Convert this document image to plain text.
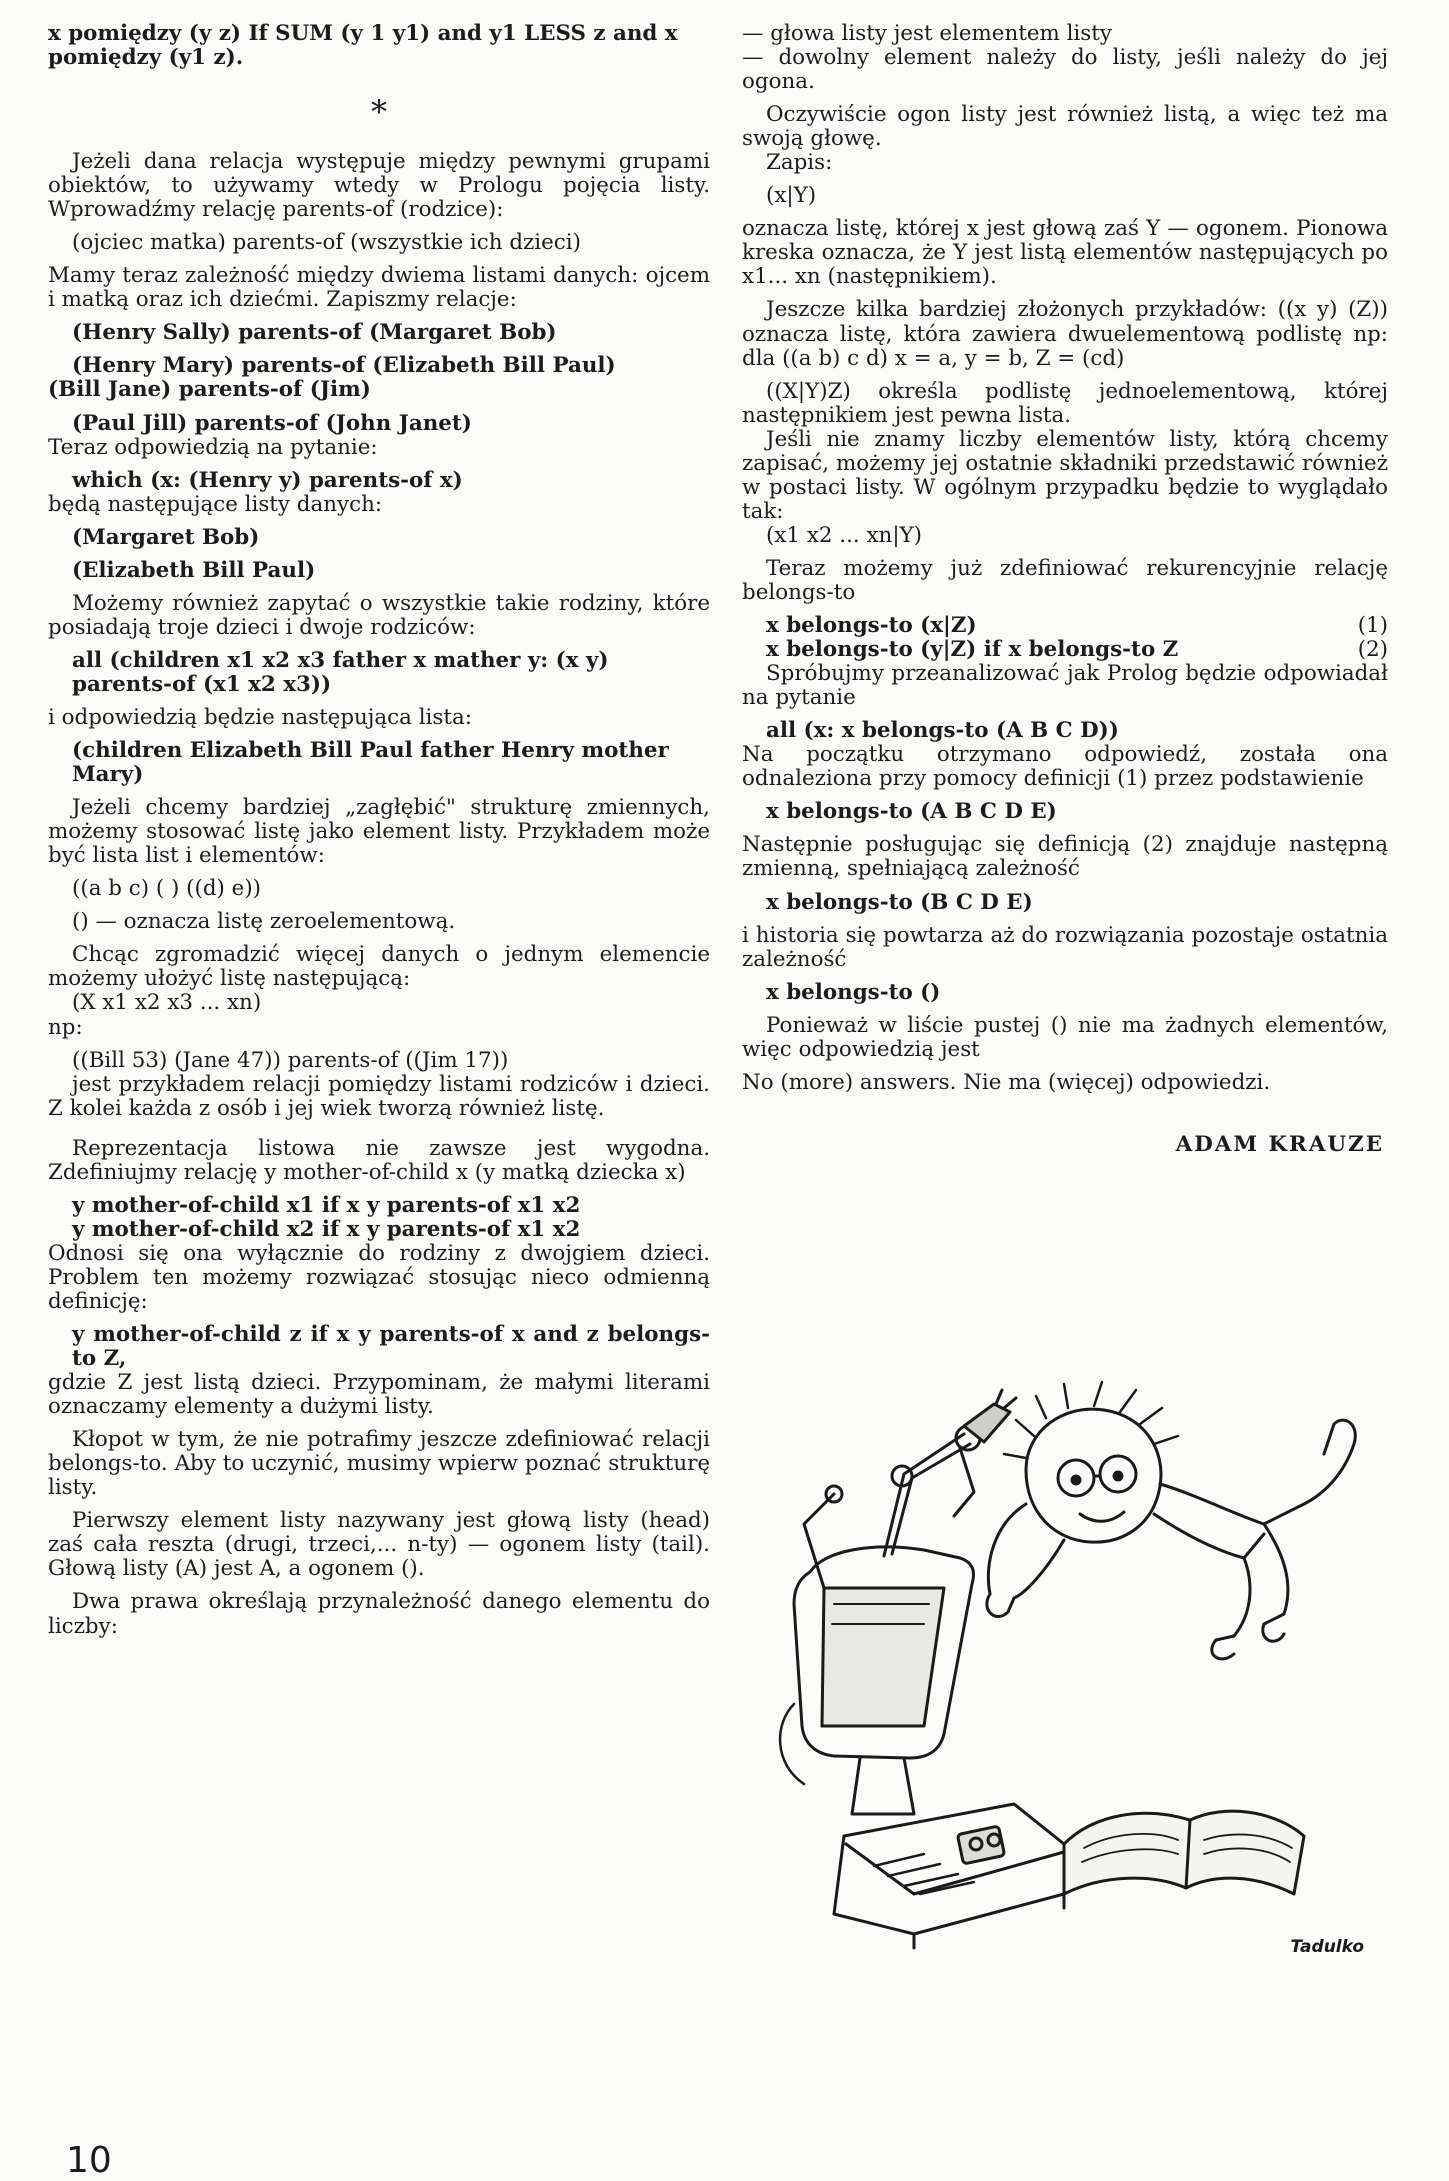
x pomiędzy (y z) If SUM (y 1 y1) and y1 LESS z and x pomiędzy (y1 z).

*

Jeżeli dana relacja występuje między pewnymi grupami obiektów, to używamy wtedy w Prologu pojęcia listy. Wprowadźmy relację parents-of (rodzice):

(ojciec matka) parents-of (wszystkie ich dzieci)

Mamy teraz zależność między dwiema listami danych: ojcem i matką oraz ich dziećmi. Zapiszmy relacje:

(Henry Sally) parents-of (Margaret Bob)

(Henry Mary) parents-of (Elizabeth Bill Paul)

(Bill Jane) parents-of (Jim)

(Paul Jill) parents-of (John Janet)

Teraz odpowiedzią na pytanie:

which (x: (Henry y) parents-of x)

będą następujące listy danych:

(Margaret Bob)

(Elizabeth Bill Paul)

Możemy również zapytać o wszystkie takie rodziny, które posiadają troje dzieci i dwoje rodziców:

all (children x1 x2 x3 father x mather y: (x y) parents-of (x1 x2 x3))

i odpowiedzią będzie następująca lista:

(children Elizabeth Bill Paul father Henry mother Mary)

Jeżeli chcemy bardziej „zagłębić" strukturę zmiennych, możemy stosować listę jako element listy. Przykładem może być lista list i elementów:

((a b c) ( ) ((d) e))

() — oznacza listę zeroelementową.

Chcąc zgromadzić więcej danych o jednym elemencie możemy ułożyć listę następującą:

(X x1 x2 x3 ... xn)

np:

((Bill 53) (Jane 47)) parents-of ((Jim 17))

jest przykładem relacji pomiędzy listami rodziców i dzieci. Z kolei każda z osób i jej wiek tworzą również listę.

Reprezentacja listowa nie zawsze jest wygodna. Zdefiniujmy relację y mother-of-child x (y matką dziecka x)

y mother-of-child x1 if x y parents-of x1 x2

y mother-of-child x2 if x y parents-of x1 x2

Odnosi się ona wyłącznie do rodziny z dwojgiem dzieci. Problem ten możemy rozwiązać stosując nieco odmienną definicję:

y mother-of-child z if x y parents-of x and z belongs-to Z,

gdzie Z jest listą dzieci. Przypominam, że małymi literami oznaczamy elementy a dużymi listy.

Kłopot w tym, że nie potrafimy jeszcze zdefiniować relacji belongs-to. Aby to uczynić, musimy wpierw poznać strukturę listy.

Pierwszy element listy nazywany jest głową listy (head) zaś cała reszta (drugi, trzeci,... n-ty) — ogonem listy (tail). Głową listy (A) jest A, a ogonem ().

Dwa prawa określają przynależność danego elementu do liczby:

— głowa listy jest elementem listy

— dowolny element należy do listy, jeśli należy do jej ogona.

Oczywiście ogon listy jest również listą, a więc też ma swoją głowę.

Zapis:

(x|Y)

oznacza listę, której x jest głową zaś Y — ogonem. Pionowa kreska oznacza, że Y jest listą elementów następujących po x1... xn (następnikiem).

Jeszcze kilka bardziej złożonych przykładów: ((x y) (Z)) oznacza listę, która zawiera dwuelementową podlistę np: dla ((a b) c d) x = a, y = b, Z = (cd)

((X|Y)Z) określa podlistę jednoelementową, której następnikiem jest pewna lista.

Jeśli nie znamy liczby elementów listy, którą chcemy zapisać, możemy jej ostatnie składniki przedstawić również w postaci listy. W ogólnym przypadku będzie to wyglądało tak:

(x1 x2 ... xn|Y)

Teraz możemy już zdefiniować rekurencyjnie relację belongs-to

x belongs-to (x|Z)	(1)
x belongs-to (y|Z) if x belongs-to Z	(2)

Spróbujmy przeanalizować jak Prolog będzie odpowiadał na pytanie

all (x: x belongs-to (A B C D))

Na początku otrzymano odpowiedź, została ona odnaleziona przy pomocy definicji (1) przez podstawienie

x belongs-to (A B C D E)

Następnie posługując się definicją (2) znajduje następną zmienną, spełniającą zależność

x belongs-to (B C D E)

i historia się powtarza aż do rozwiązania pozostaje ostatnia zależność

x belongs-to ()

Ponieważ w liście pustej () nie ma żadnych elementów, więc odpowiedzią jest

No (more) answers. Nie ma (więcej) odpowiedzi.

ADAM KRAUZE

Tadulko
10
